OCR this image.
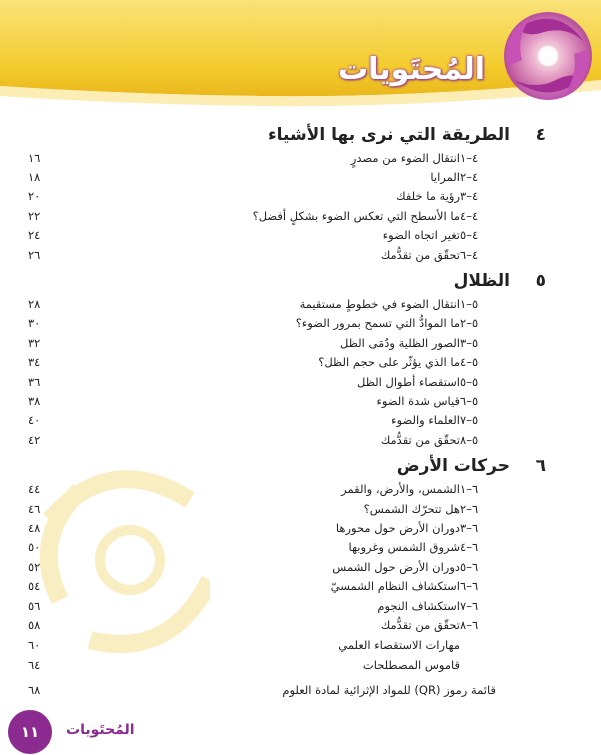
المُحتَويات
٤
الطريقة التي نرى بها الأشياء
٤–١
انتقال الضوء من مصدرٍ
١٦
٤–٢
المرايا
١٨
٤–٣
رؤية ما خلفك
٢٠
٤–٤
ما الأسطح التي تعكس الضوء بشكلٍ أفضل؟
٢٢
٤–٥
تغير اتجاه الضوء
٢٤
٤–٦
تحقّق من تقدُّمك
٢٦
٥
الظلال
٥–١
انتقال الضوء في خطوطٍ مستقيمة
٢٨
٥–٢
ما الموادُّ التي تسمح بمرور الضوء؟
٣٠
٥–٣
الصور الظلية ودُمَى الظل
٣٢
٥–٤
ما الذي يؤثّر على حجم الظل؟
٣٤
٥–٥
استقصاء أطوال الظل
٣٦
٥–٦
قياس شدة الضوء
٣٨
٥–٧
العلماء والضوء
٤٠
٥–٨
تحقّق من تقدُّمك
٤٢
٦
حركات الأرض
٦–١
الشمس، والأرض، والقمر
٤٤
٦–٢
هل تتحرّك الشمس؟
٤٦
٦–٣
دوران الأرض حول محورها
٤٨
٦–٤
شروق الشمس وغروبها
٥٠
٦–٥
دوران الأرض حول الشمس
٥٢
٦–٦
استكشاف النظام الشمسيّ
٥٤
٦–٧
استكشاف النجوم
٥٦
٦–٨
تحقّق من تقدُّمك
٥٨
مهارات الاستقصاء العلمي
٦٠
قاموس المصطلحات
٦٤
قائمة رموز (QR) للمواد الإثرائية لمادة العلوم
٦٨
١١	المُحتَويات
